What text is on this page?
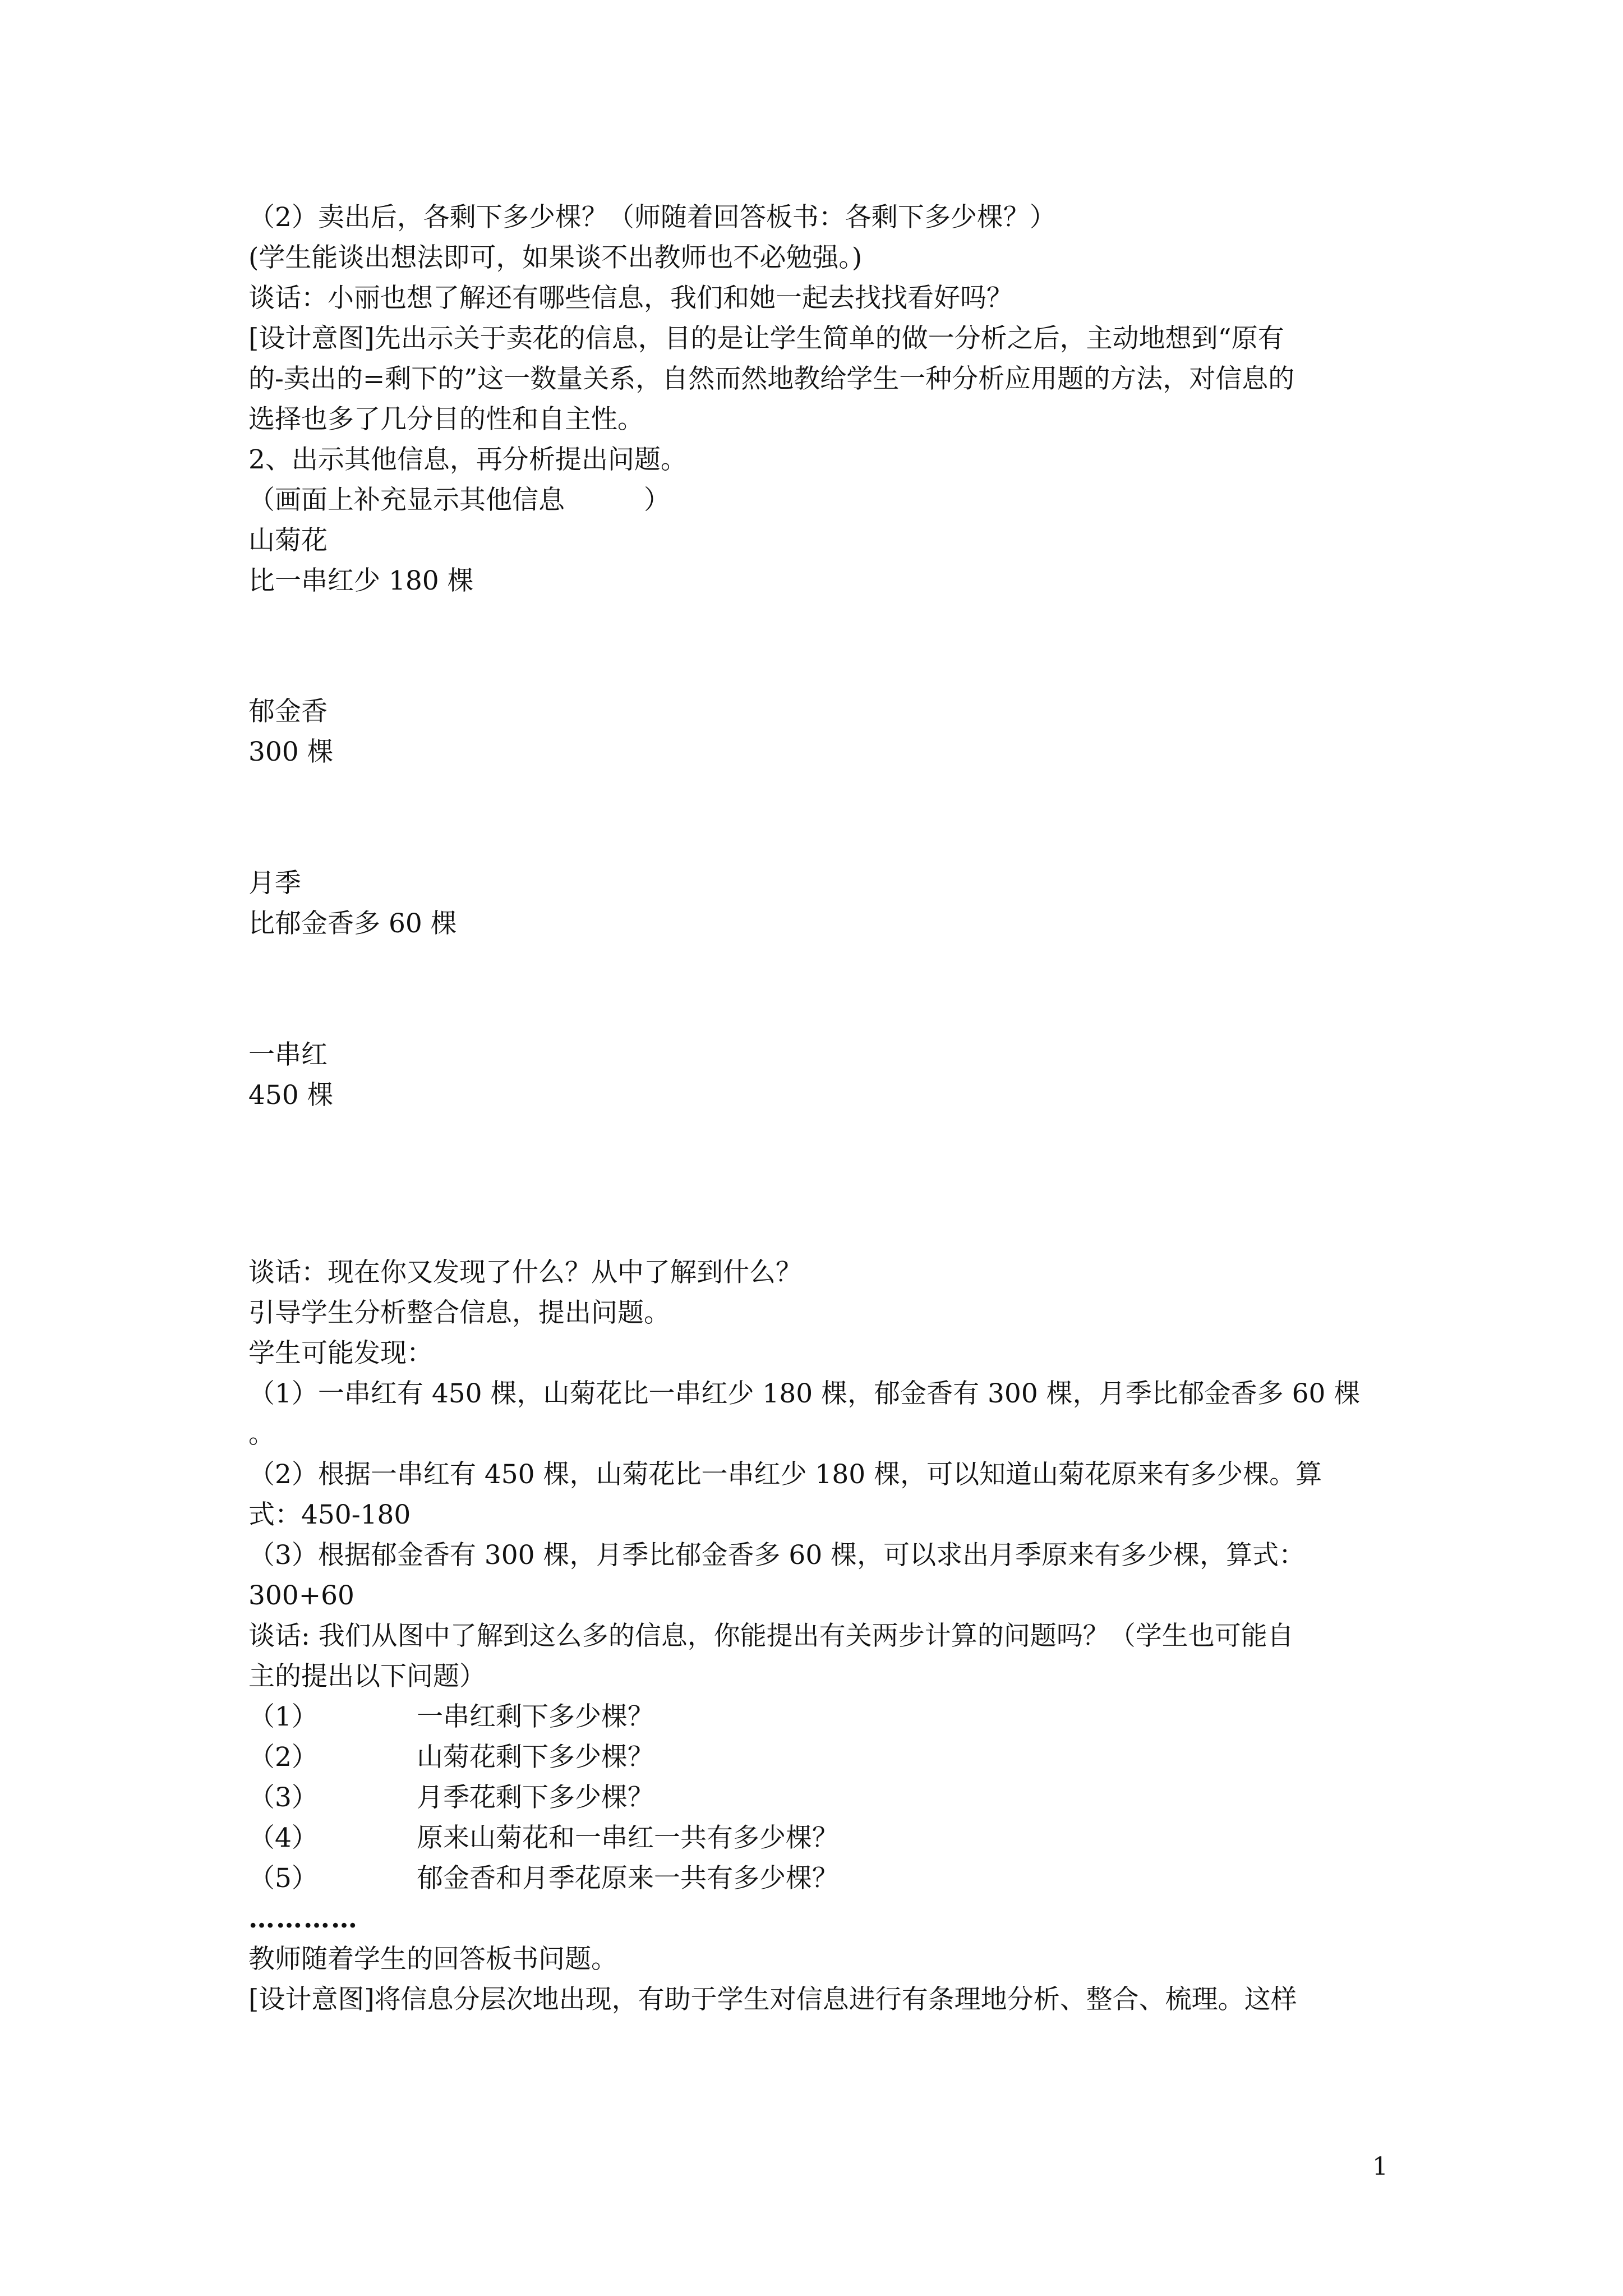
（2）卖出后，各剩下多少棵？（师随着回答板书：各剩下多少棵？）
(学生能谈出想法即可，如果谈不出教师也不必勉强。)
谈话：小丽也想了解还有哪些信息，我们和她一起去找找看好吗？
[设计意图]先出示关于卖花的信息，目的是让学生简单的做一分析之后，主动地想到“原有
的-卖出的=剩下的”这一数量关系，自然而然地教给学生一种分析应用题的方法，对信息的
选择也多了几分目的性和自主性。
2、出示其他信息，再分析提出问题。
（画面上补充显示其他信息　　　）
山菊花
比一串红少 180 棵
郁金香
300 棵
月季
比郁金香多 60 棵
一串红
450 棵
谈话：现在你又发现了什么？从中了解到什么？
引导学生分析整合信息，提出问题。
学生可能发现：
（1）一串红有 450 棵，山菊花比一串红少 180 棵，郁金香有 300 棵，月季比郁金香多 60 棵
。
（2）根据一串红有 450 棵，山菊花比一串红少 180 棵，可以知道山菊花原来有多少棵。算
式：450-180
（3）根据郁金香有 300 棵，月季比郁金香多 60 棵，可以求出月季原来有多少棵，算式：
300+60
谈话: 我们从图中了解到这么多的信息，你能提出有关两步计算的问题吗？（学生也可能自
主的提出以下问题）
（1）	一串红剩下多少棵？
（2）	山菊花剩下多少棵？
（3）	月季花剩下多少棵？
（4）	原来山菊花和一串红一共有多少棵？
（5）	郁金香和月季花原来一共有多少棵？
…………
教师随着学生的回答板书问题。
[设计意图]将信息分层次地出现，有助于学生对信息进行有条理地分析、整合、梳理。这样
1
